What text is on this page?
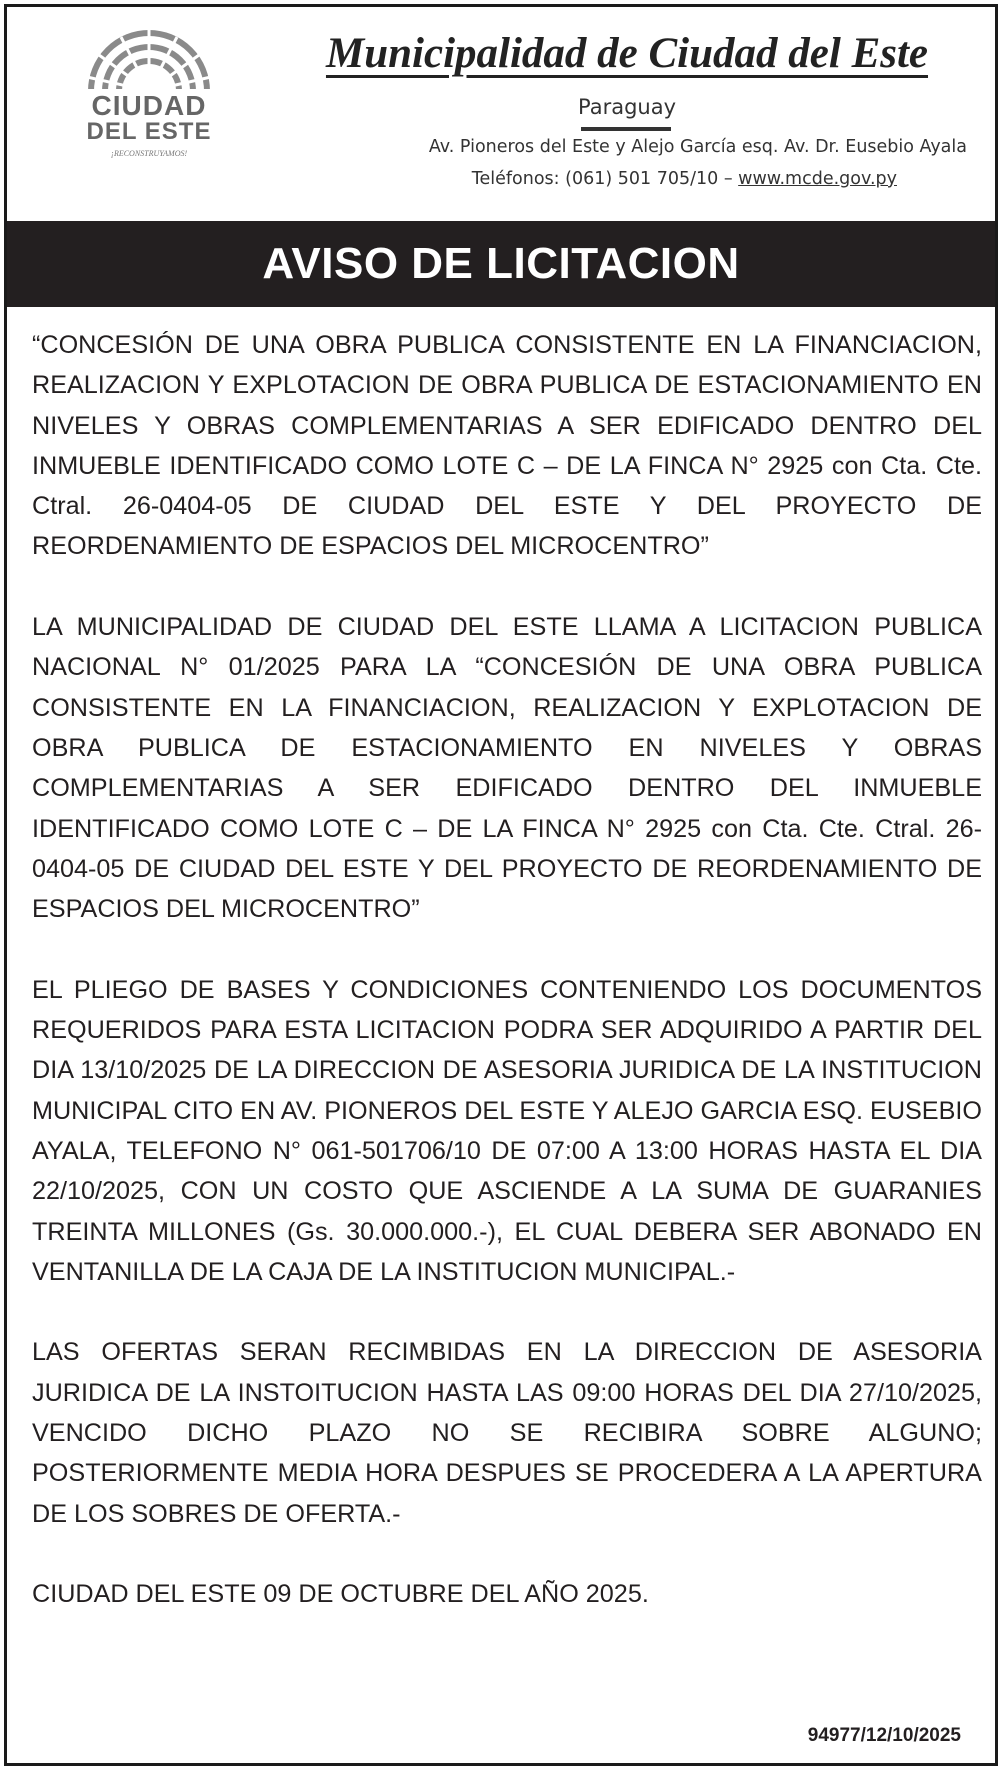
CIUDAD
DEL ESTE
¡RECONSTRUYAMOS!
Municipalidad de Ciudad del Este
Paraguay
Av. Pioneros del Este y Alejo García esq. Av. Dr. Eusebio Ayala
Teléfonos: (061) 501 705/10 – www.mcde.gov.py
AVISO DE LICITACION

“CONCESIÓN DE UNA OBRA PUBLICA CONSISTENTE EN LA FINANCIACION, REALIZACION Y EXPLOTACION DE OBRA PUBLICA DE ESTACIONAMIENTO EN NIVELES Y OBRAS COMPLEMENTARIAS A SER EDIFICADO DENTRO DEL INMUEBLE IDENTIFICADO COMO LOTE C – DE LA FINCA N° 2925 con Cta. Cte. Ctral. 26-0404-05 DE CIUDAD DEL ESTE Y DEL PROYECTO DE REORDENAMIENTO DE ESPACIOS DEL MICROCENTRO”

LA MUNICIPALIDAD DE CIUDAD DEL ESTE LLAMA A LICITACION PUBLICA NACIONAL N° 01/2025 PARA LA “CONCESIÓN DE UNA OBRA PUBLICA CONSISTENTE EN LA FINANCIACION, REALIZACION Y EXPLOTACION DE OBRA PUBLICA DE ESTACIONAMIENTO EN NIVELES Y OBRAS COMPLEMENTARIAS A SER EDIFICADO DENTRO DEL INMUEBLE IDENTIFICADO COMO LOTE C – DE LA FINCA N° 2925 con Cta. Cte. Ctral. 26-0404-05 DE CIUDAD DEL ESTE Y DEL PROYECTO DE REORDENAMIENTO DE ESPACIOS DEL MICROCENTRO”

EL PLIEGO DE BASES Y CONDICIONES CONTENIENDO LOS DOCUMENTOS REQUERIDOS PARA ESTA LICITACION PODRA SER ADQUIRIDO A PARTIR DEL DIA 13/10/2025 DE LA DIRECCION DE ASESORIA JURIDICA DE LA INSTITUCION MUNICIPAL CITO EN AV. PIONEROS DEL ESTE Y ALEJO GARCIA ESQ. EUSEBIO AYALA, TELEFONO N° 061-501706/10 DE 07:00 A 13:00 HORAS HASTA EL DIA 22/10/2025, CON UN COSTO QUE ASCIENDE A LA SUMA DE GUARANIES TREINTA MILLONES (Gs. 30.000.000.-), EL CUAL DEBERA SER ABONADO EN VENTANILLA DE LA CAJA DE LA INSTITUCION MUNICIPAL.-

LAS OFERTAS SERAN RECIMBIDAS EN LA DIRECCION DE ASESORIA JURIDICA DE LA INSTOITUCION HASTA LAS 09:00 HORAS DEL DIA 27/10/2025, VENCIDO DICHO PLAZO NO SE RECIBIRA SOBRE ALGUNO; POSTERIORMENTE MEDIA HORA DESPUES SE PROCEDERA A LA APERTURA DE LOS SOBRES DE OFERTA.-

CIUDAD DEL ESTE 09 DE OCTUBRE DEL AÑO 2025.

94977/12/10/2025
